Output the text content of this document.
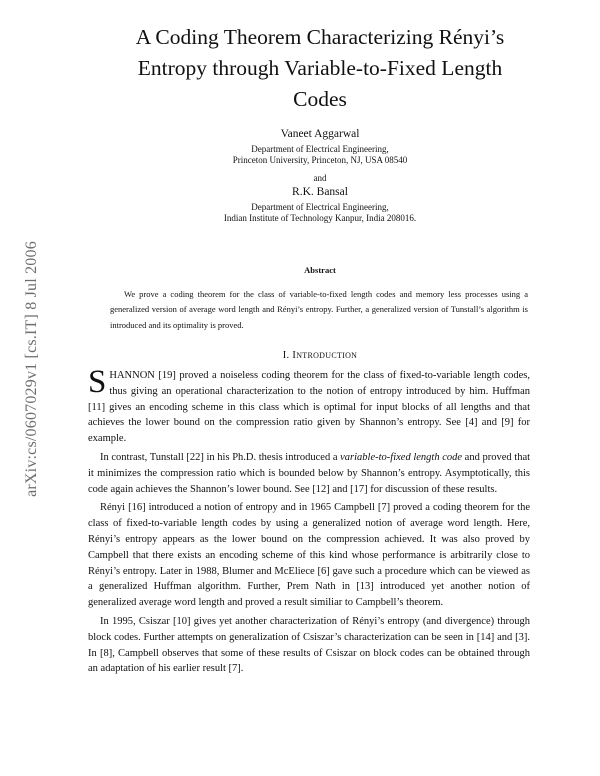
arXiv:cs/0607029v1 [cs.IT] 8 Jul 2006
A Coding Theorem Characterizing Rényi’s
Entropy through Variable-to-Fixed Length
Codes
Vaneet Aggarwal
Department of Electrical Engineering,
Princeton University, Princeton, NJ, USA 08540
and
R.K. Bansal
Department of Electrical Engineering,
Indian Institute of Technology Kanpur, India 208016.
Abstract

We prove a coding theorem for the class of variable-to-fixed length codes and memory less processes using a generalized version of average word length and Rényi’s entropy. Further, a generalized version of Tunstall’s algorithm is introduced and its optimality is proved.

I. INTRODUCTION

SHANNON [19] proved a noiseless coding theorem for the class of fixed-to-variable length codes, thus giving an operational characterization to the notion of entropy introduced by him. Huffman [11] gives an encoding scheme in this class which is optimal for input blocks of all lengths and that achieves the lower bound on the compression ratio given by Shannon’s entropy. See [4] and [9] for example.

In contrast, Tunstall [22] in his Ph.D. thesis introduced a variable-to-fixed length code and proved that it minimizes the compression ratio which is bounded below by Shannon’s entropy. Asymptotically, this code again achieves the Shannon’s lower bound. See [12] and [17] for discussion of these results.

Rényi [16] introduced a notion of entropy and in 1965 Campbell [7] proved a coding theorem for the class of fixed-to-variable length codes by using a generalized notion of average word length. Here, Rényi’s entropy appears as the lower bound on the compression achieved. It was also proved by Campbell that there exists an encoding scheme of this kind whose performance is arbitrarily close to Rényi’s entropy. Later in 1988, Blumer and McEliece [6] gave such a procedure which can be viewed as a generalized Huffman algorithm. Further, Prem Nath in [13] introduced yet another notion of generalized average word length and proved a result similiar to Campbell’s theorem.

In 1995, Csiszar [10] gives yet another characterization of Rényi’s entropy (and divergence) through block codes. Further attempts on generalization of Csiszar’s characterization can be seen in [14] and [3]. In [8], Campbell observes that some of these results of Csiszar on block codes can be obtained through an adaptation of his earlier result [7].
